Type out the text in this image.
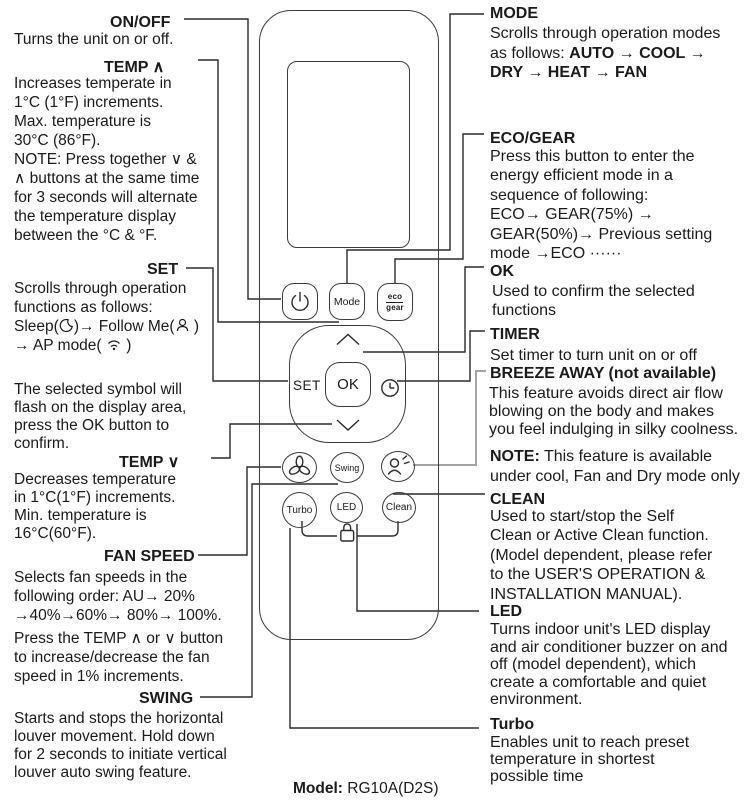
Mode	eco
gear
SET OK
Swing
Turbo LED	Clean
ON/OFF
Turns the unit on or off.
TEMP ∧
Increases temperate in
1°C (1°F) increments.
Max. temperature is
30°C (86°F).
NOTE: Press together ∨ &
∧ buttons at the same time
for 3 seconds will alternate
the temperature display
between the °C & °F.
SET
Scrolls through operation
functions as follows:
Sleep( )→ Follow Me( )
→ AP mode(  )
The selected symbol will
flash on the display area,
press the OK button to
confirm.
TEMP ∨
Decreases temperature
in 1°C(1°F) increments.
Min. temperature is
16°C(60°F).
FAN SPEED
Selects fan speeds in the
following order: AU→ 20%
→40%→60%→ 80%→ 100%.
Press the TEMP ∧ or ∨ button
to increase/decrease the fan
speed in 1% increments.
SWING
Starts and stops the horizontal
louver movement. Hold down
for 2 seconds to initiate vertical
louver auto swing feature.
MODE
Scrolls through operation modes
as follows: AUTO → COOL →
DRY → HEAT → FAN
ECO/GEAR
Press this button to enter the
energy efficient mode in a
sequence of following:
ECO→ GEAR(75%) →
GEAR(50%)→ Previous setting
mode →ECO ······
OK
Used to confirm the selected
functions
TIMER
Set timer to turn unit on or off
BREEZE AWAY (not available)
This feature avoids direct air flow
blowing on the body and makes
you feel indulging in silky coolness.
NOTE: This feature is available
under cool, Fan and Dry mode only
CLEAN
Used to start/stop the Self
Clean or Active Clean function.
(Model dependent, please refer
to the USER'S OPERATION &
INSTALLATION MANUAL).
LED
Turns indoor unit's LED display
and air conditioner buzzer on and
off (model dependent), which
create a comfortable and quiet
environment.
Turbo
Enables unit to reach preset
temperature in shortest
possible time
Model: RG10A(D2S)
